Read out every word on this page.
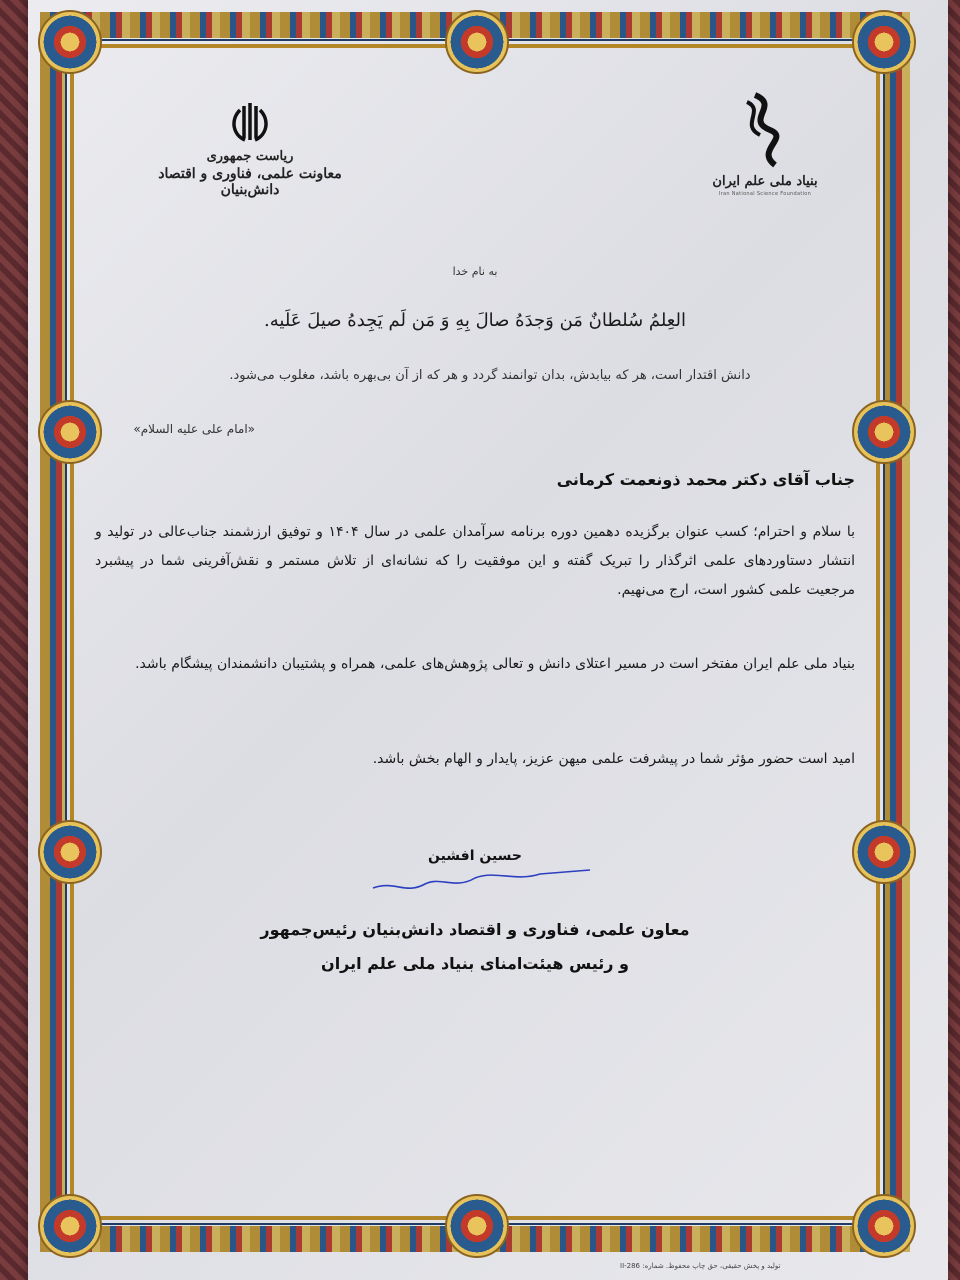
بنیاد ملی علم ایران
Iran National Science Foundation
ریاست جمهوری
معاونت علمی، فناوری و اقتصاد دانش‌بنیان
به نام خدا
العِلمُ سُلطانٌ مَن وَجدَهُ صالَ بِهِ وَ مَن لَم یَجِدهُ صیلَ عَلَیه.
دانش اقتدار است، هر که بیابدش، بدان توانمند گردد و هر که از آن بی‌بهره باشد، مغلوب می‌شود.
«امام علی علیه السلام»
جناب آقای دکتر محمد ذونعمت کرمانی
با سلام و احترام؛ کسب عنوان برگزیده دهمین دوره برنامه سرآمدان علمی در سال ۱۴۰۴ و توفیق ارزشمند جناب‌عالی در تولید و انتشار دستاوردهای علمی اثرگذار را تبریک گفته و این موفقیت را که نشانه‌ای از تلاش مستمر و نقش‌آفرینی شما در پیشبرد مرجعیت علمی کشور است، ارج می‌نهیم.
بنیاد ملی علم ایران مفتخر است در مسیر اعتلای دانش و تعالی پژوهش‌های علمی، همراه و پشتیبان دانشمندان پیشگام باشد.
امید است حضور مؤثر شما در پیشرفت علمی میهن عزیز، پایدار و الهام بخش باشد.
حسین افشین
معاون علمی، فناوری و اقتصاد دانش‌بنیان رئیس‌جمهور
و رئیس هیئت‌امنای بنیاد ملی علم ایران
تولید و پخش حقیقی، حق چاپ محفوظ. شماره: II-286
